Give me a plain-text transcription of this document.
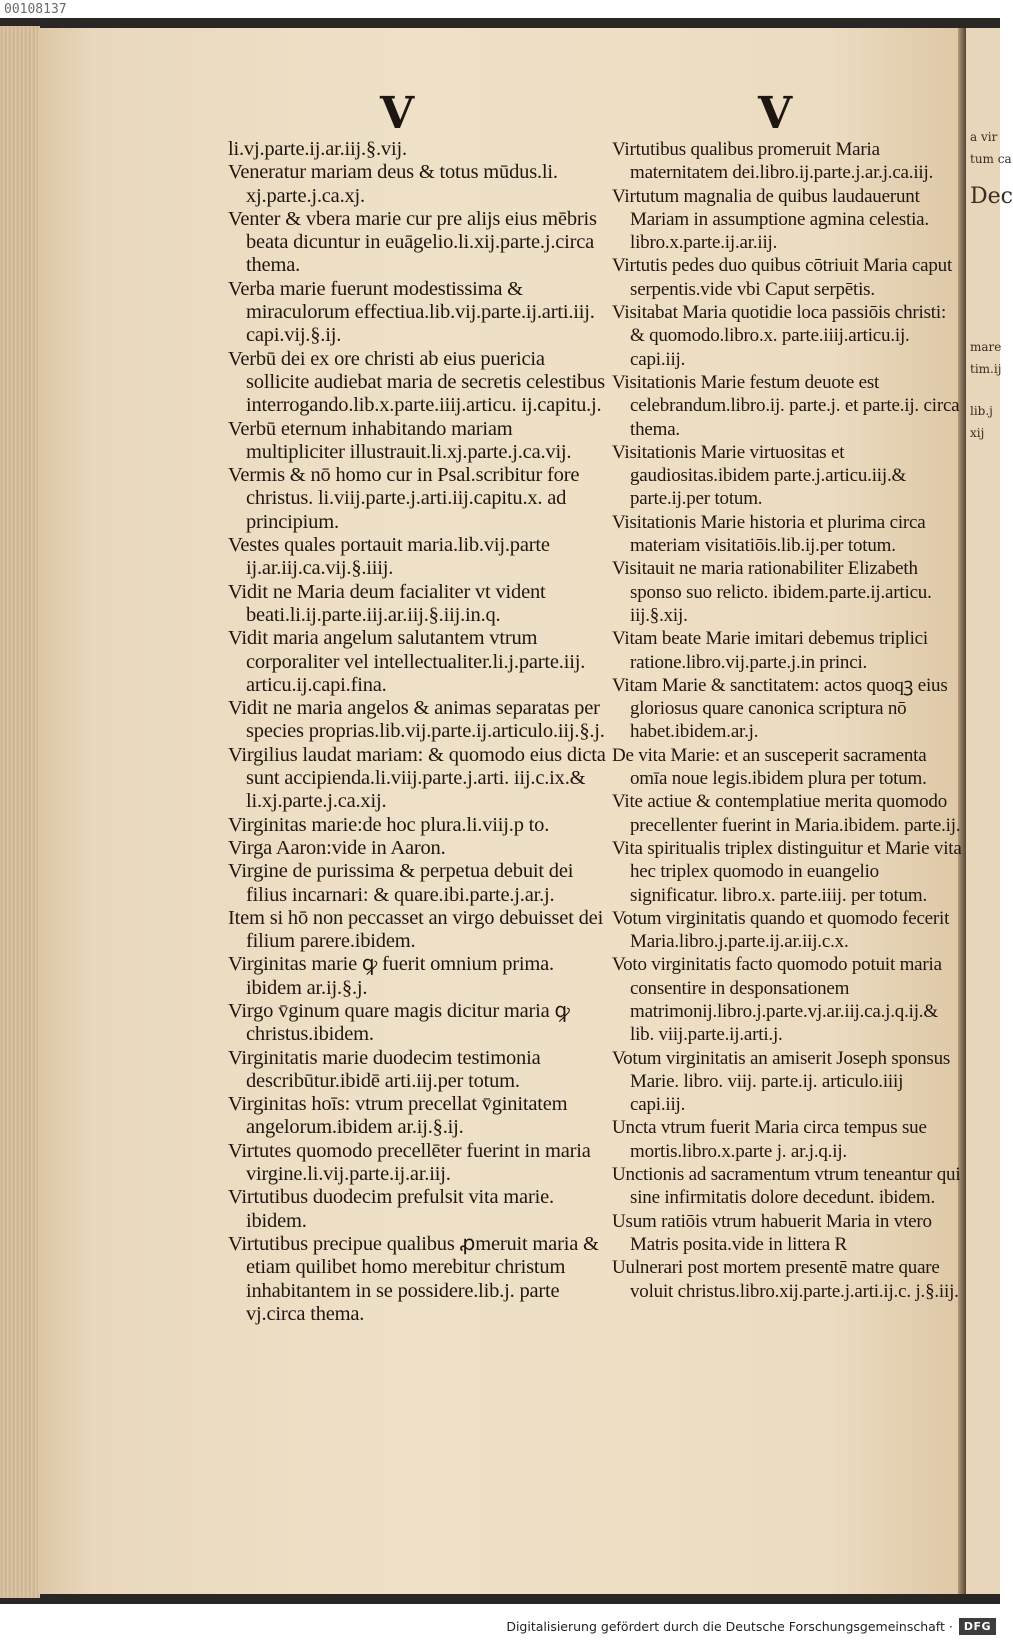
00108137
a vir
tum ca
Dec
mare
tim.ij
lib.j
xij
V	V

li.vj.parte.ij.ar.iij.§.vij.

Veneratur mariam deus & totus mūdus.li. xj.parte.j.ca.xj.

Venter & vbera marie cur pre alijs eius mēbris beata dicuntur in euāgelio.li.xij.parte.j.circa thema.

Verba marie fuerunt modestissima & miraculorum effectiua.lib.vij.parte.ij.arti.iij. capi.vij.§.ij.

Verbū dei ex ore christi ab eius puericia sollicite audiebat maria de secretis celestibus interrogando.lib.x.parte.iiij.articu. ij.capitu.j.

Verbū eternum inhabitando mariam multipliciter illustrauit.li.xj.parte.j.ca.vij.

Vermis & nō homo cur in Psal.scribitur fore christus. li.viij.parte.j.arti.iij.capitu.x. ad principium.

Vestes quales portauit maria.lib.vij.parte ij.ar.iij.ca.vij.§.iiij.

Vidit ne Maria deum facialiter vt vident beati.li.ij.parte.iij.ar.iij.§.iij.in.q.

Vidit maria angelum salutantem vtrum corporaliter vel intellectualiter.li.j.parte.iij. articu.ij.capi.fina.

Vidit ne maria angelos & animas separatas per species proprias.lib.vij.parte.ij.articulo.iij.§.j.

Virgilius laudat mariam: & quomodo eius dicta sunt accipienda.li.viij.parte.j.arti. iij.c.ix.& li.xj.parte.j.ca.xij.

Virginitas marie:de hoc plura.li.viij.p to.

Virga Aaron:vide in Aaron.

Virgine de purissima & perpetua debuit dei filius incarnari: & quare.ibi.parte.j.ar.j.

Item si hō non peccasset an virgo debuisset dei filium parere.ibidem.

Virginitas marie ꝙ fuerit omnium prima. ibidem ar.ij.§.j.

Virgo v̄ginum quare magis dicitur maria ꝙ christus.ibidem.

Virginitatis marie duodecim testimonia describūtur.ibidē arti.iij.per totum.

Virginitas hoīs: vtrum precellat v̄ginitatem angelorum.ibidem ar.ij.§.ij.

Virtutes quomodo precellēter fuerint in maria virgine.li.vij.parte.ij.ar.iij.

Virtutibus duodecim prefulsit vita marie. ibidem.

Virtutibus precipue qualibus ꝓmeruit maria & etiam quilibet homo merebitur christum inhabitantem in se possidere.lib.j. parte vj.circa thema.

Virtutibus qualibus promeruit Maria maternitatem dei.libro.ij.parte.j.ar.j.ca.iij.

Virtutum magnalia de quibus laudauerunt Mariam in assumptione agmina celestia. libro.x.parte.ij.ar.iij.

Virtutis pedes duo quibus cōtriuit Maria caput serpentis.vide vbi Caput serpētis.

Visitabat Maria quotidie loca passiōis christi: & quomodo.libro.x. parte.iiij.articu.ij. capi.iij.

Visitationis Marie festum deuote est celebrandum.libro.ij. parte.j. et parte.ij. circa thema.

Visitationis Marie virtuositas et gaudiositas.ibidem parte.j.articu.iij.& parte.ij.per totum.

Visitationis Marie historia et plurima circa materiam visitatiōis.lib.ij.per totum.

Visitauit ne maria rationabiliter Elizabeth sponso suo relicto. ibidem.parte.ij.articu. iij.§.xij.

Vitam beate Marie imitari debemus triplici ratione.libro.vij.parte.j.in princi.

Vitam Marie & sanctitatem: actos quoqꝫ eius gloriosus quare canonica scriptura nō habet.ibidem.ar.j.

De vita Marie: et an susceperit sacramenta omīa noue legis.ibidem plura per totum.

Vite actiue & contemplatiue merita quomodo precellenter fuerint in Maria.ibidem. parte.ij.

Vita spiritualis triplex distinguitur et Marie vita hec triplex quomodo in euangelio significatur. libro.x. parte.iiij. per totum.

Votum virginitatis quando et quomodo fecerit Maria.libro.j.parte.ij.ar.iij.c.x.

Voto virginitatis facto quomodo potuit maria consentire in desponsationem matrimonij.libro.j.parte.vj.ar.iij.ca.j.q.ij.& lib. viij.parte.ij.arti.j.

Votum virginitatis an amiserit Joseph sponsus Marie. libro. viij. parte.ij. articulo.iiij capi.iij.

Uncta vtrum fuerit Maria circa tempus sue mortis.libro.x.parte j. ar.j.q.ij.

Unctionis ad sacramentum vtrum teneantur qui sine infirmitatis dolore decedunt. ibidem.

Usum ratiōis vtrum habuerit Maria in vtero Matris posita.vide in littera R

Uulnerari post mortem presentē matre quare voluit christus.libro.xij.parte.j.arti.ij.c. j.§.iij.

Digitalisierung gefördert durch die Deutsche Forschungsgemeinschaft ·	DFG
